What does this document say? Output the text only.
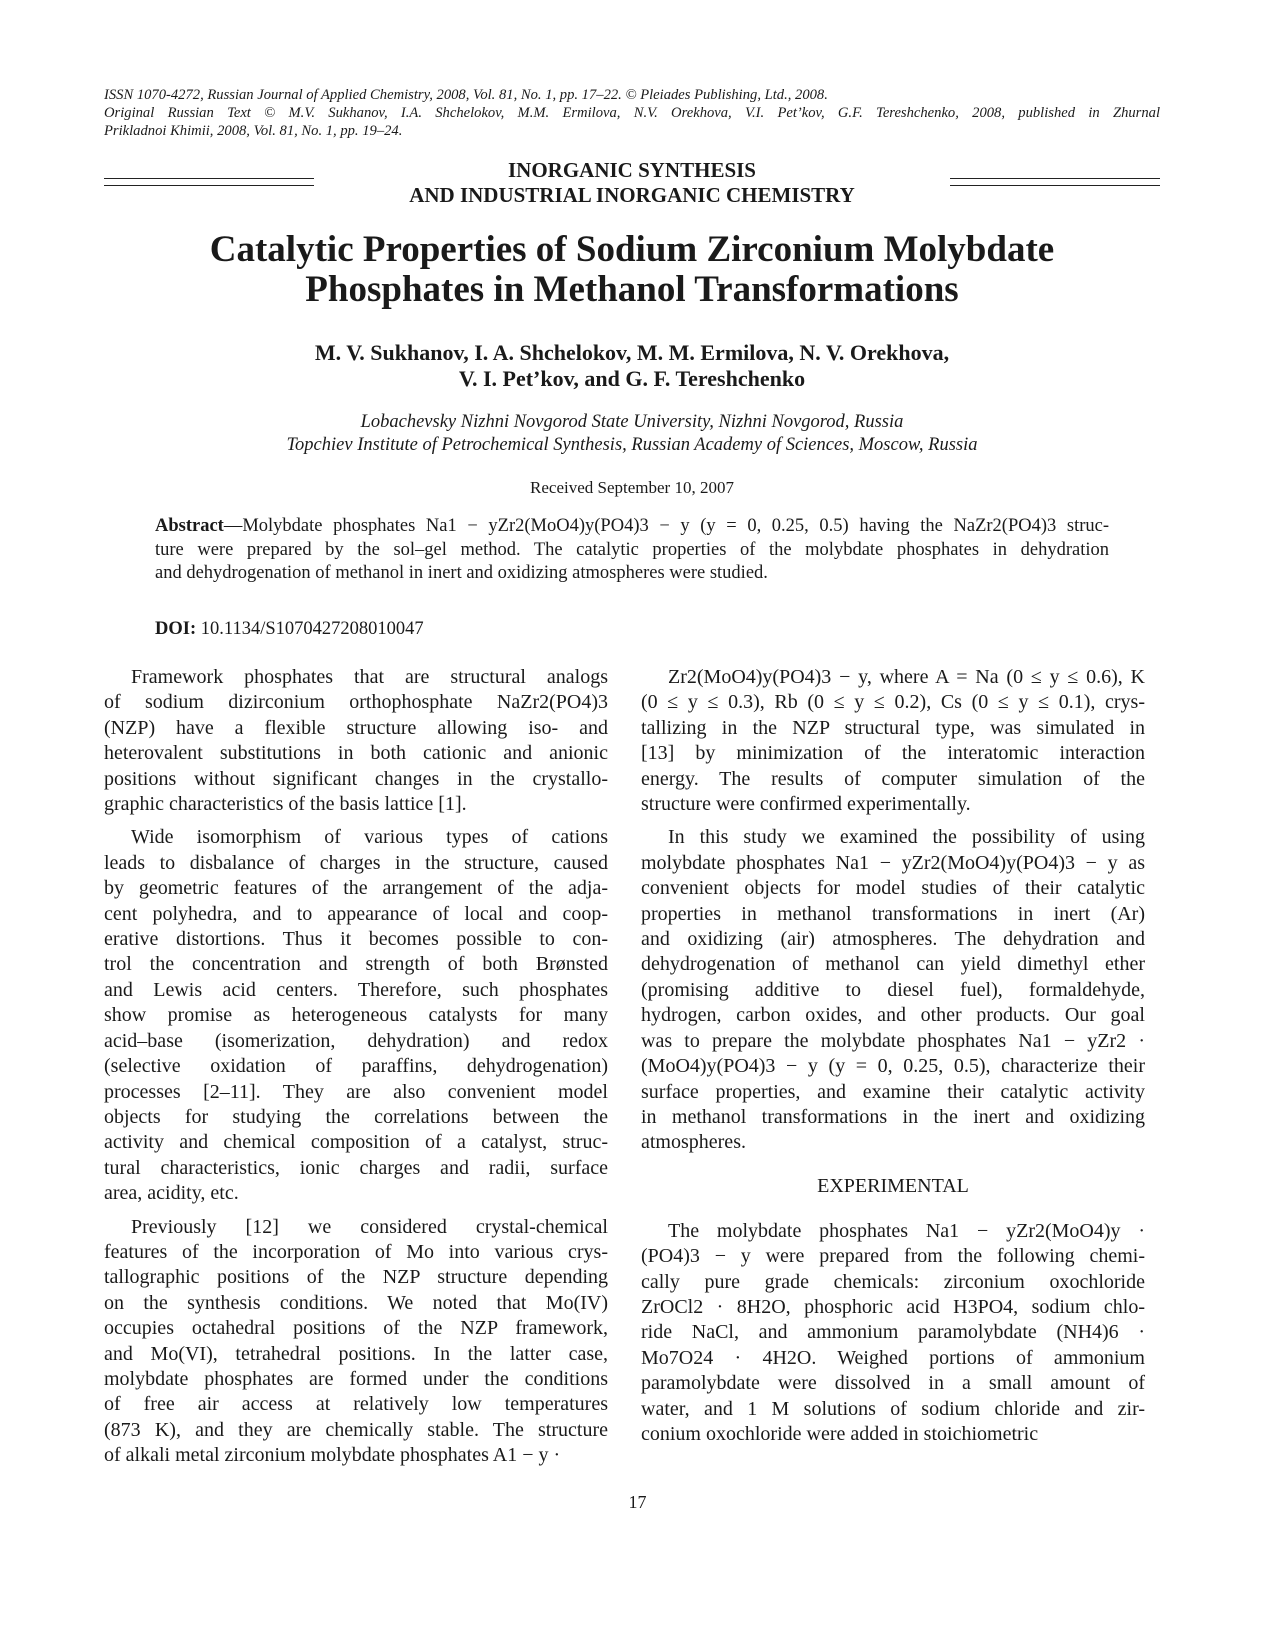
ISSN 1070-4272, Russian Journal of Applied Chemistry, 2008, Vol. 81, No. 1, pp. 17–22. © Pleiades Publishing, Ltd., 2008.
Original Russian Text © M.V. Sukhanov, I.A. Shchelokov, M.M. Ermilova, N.V. Orekhova, V.I. Pet’kov, G.F. Tereshchenko, 2008, published in Zhurnal
Prikladnoi Khimii, 2008, Vol. 81, No. 1, pp. 19–24.
INORGANIC SYNTHESIS
AND INDUSTRIAL INORGANIC CHEMISTRY
Catalytic Properties of Sodium Zirconium Molybdate
Phosphates in Methanol Transformations
M. V. Sukhanov, I. A. Shchelokov, M. M. Ermilova, N. V. Orekhova,
V. I. Pet’kov, and G. F. Tereshchenko
Lobachevsky Nizhni Novgorod State University, Nizhni Novgorod, Russia
Topchiev Institute of Petrochemical Synthesis, Russian Academy of Sciences, Moscow, Russia
Received September 10, 2007
Abstract—Molybdate phosphates Na1 − yZr2(MoO4)y(PO4)3 − y (y = 0, 0.25, 0.5) having the NaZr2(PO4)3 struc-
ture were prepared by the sol–gel method. The catalytic properties of the molybdate phosphates in dehydration
and dehydrogenation of methanol in inert and oxidizing atmospheres were studied.
DOI: 10.1134/S1070427208010047
Framework phosphates that are structural analogs
of sodium dizirconium orthophosphate NaZr2(PO4)3
(NZP) have a flexible structure allowing iso- and
heterovalent substitutions in both cationic and anionic
positions without significant changes in the crystallo-
graphic characteristics of the basis lattice [1].
Wide isomorphism of various types of cations
leads to disbalance of charges in the structure, caused
by geometric features of the arrangement of the adja-
cent polyhedra, and to appearance of local and coop-
erative distortions. Thus it becomes possible to con-
trol the concentration and strength of both Brønsted
and Lewis acid centers. Therefore, such phosphates
show promise as heterogeneous catalysts for many
acid–base (isomerization, dehydration) and redox
(selective oxidation of paraffins, dehydrogenation)
processes [2–11]. They are also convenient model
objects for studying the correlations between the
activity and chemical composition of a catalyst, struc-
tural characteristics, ionic charges and radii, surface
area, acidity, etc.
Previously [12] we considered crystal-chemical
features of the incorporation of Mo into various crys-
tallographic positions of the NZP structure depending
on the synthesis conditions. We noted that Mo(IV)
occupies octahedral positions of the NZP framework,
and Mo(VI), tetrahedral positions. In the latter case,
molybdate phosphates are formed under the conditions
of free air access at relatively low temperatures
(873 K), and they are chemically stable. The structure
of alkali metal zirconium molybdate phosphates A1 − y ·
Zr2(MoO4)y(PO4)3 − y, where A = Na (0 ≤ y ≤ 0.6), K
(0 ≤ y ≤ 0.3), Rb (0 ≤ y ≤ 0.2), Cs (0 ≤ y ≤ 0.1), crys-
tallizing in the NZP structural type, was simulated in
[13] by minimization of the interatomic interaction
energy. The results of computer simulation of the
structure were confirmed experimentally.
In this study we examined the possibility of using
molybdate phosphates Na1 − yZr2(MoO4)y(PO4)3 − y as
convenient objects for model studies of their catalytic
properties in methanol transformations in inert (Ar)
and oxidizing (air) atmospheres. The dehydration and
dehydrogenation of methanol can yield dimethyl ether
(promising additive to diesel fuel), formaldehyde,
hydrogen, carbon oxides, and other products. Our goal
was to prepare the molybdate phosphates Na1 − yZr2 ·
(MoO4)y(PO4)3 − y (y = 0, 0.25, 0.5), characterize their
surface properties, and examine their catalytic activity
in methanol transformations in the inert and oxidizing
atmospheres.
EXPERIMENTAL
The molybdate phosphates Na1 − yZr2(MoO4)y ·
(PO4)3 − y were prepared from the following chemi-
cally pure grade chemicals: zirconium oxochloride
ZrOCl2 · 8H2O, phosphoric acid H3PO4, sodium chlo-
ride NaCl, and ammonium paramolybdate (NH4)6 ·
Mo7O24 · 4H2O. Weighed portions of ammonium
paramolybdate were dissolved in a small amount of
water, and 1 M solutions of sodium chloride and zir-
conium oxochloride were added in stoichiometric
17
